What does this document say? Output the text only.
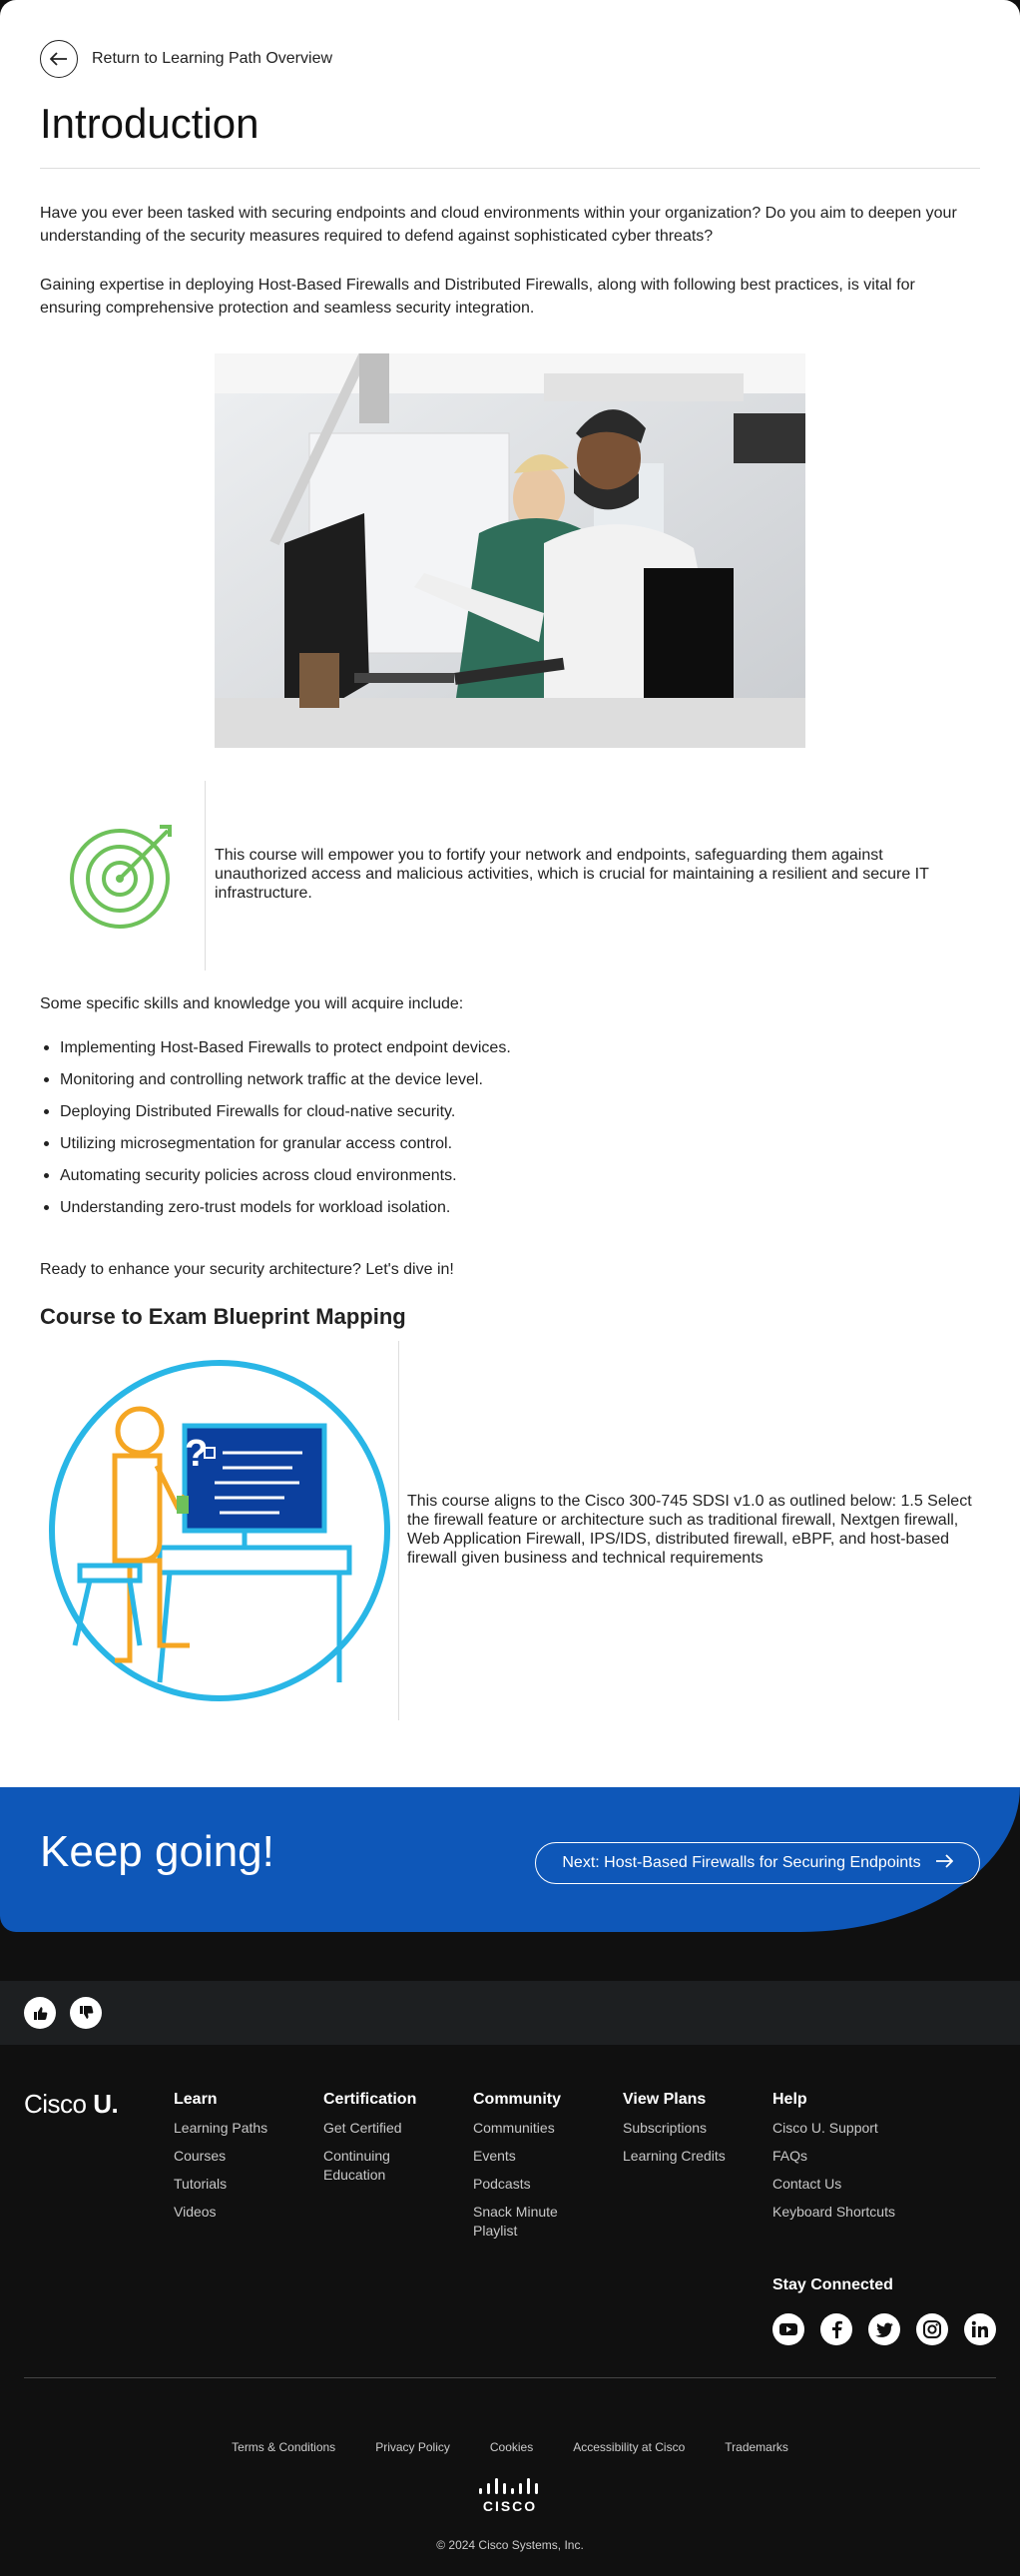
Return to Learning Path Overview
Introduction

Have you ever been tasked with securing endpoints and cloud environments within your organization? Do you aim to deepen your understanding of the security measures required to defend against sophisticated cyber threats?

Gaining expertise in deploying Host-Based Firewalls and Distributed Firewalls, along with following best practices, is vital for ensuring comprehensive protection and seamless security integration.

This course will empower you to fortify your network and endpoints, safeguarding them against unauthorized access and malicious activities, which is crucial for maintaining a resilient and secure IT infrastructure.

Some specific skills and knowledge you will acquire include:

Implementing Host-Based Firewalls to protect endpoint devices.
Monitoring and controlling network traffic at the device level.
Deploying Distributed Firewalls for cloud-native security.
Utilizing microsegmentation for granular access control.
Automating security policies across cloud environments.
Understanding zero-trust models for workload isolation.

Ready to enhance your security architecture? Let's dive in!

Course to Exam Blueprint Mapping
?

This course aligns to the Cisco 300-745 SDSI v1.0 as outlined below: 1.5 Select the firewall feature or architecture such as traditional firewall, Nextgen firewall, Web Application Firewall, IPS/IDS, distributed firewall, eBPF, and host-based firewall given business and technical requirements

Keep going!	Next: Host-Based Firewalls for Securing Endpoints
Cisco U.	Learn
Learning Paths
Courses
Tutorials
Videos
Certification
Get Certified
Continuing Education
Community
Communities
Events
Podcasts
Snack Minute Playlist
View Plans
Subscriptions
Learning Credits
Help
Cisco U. Support
FAQs
Contact Us
Keyboard Shortcuts
Stay Connected
Terms & Conditions	Privacy Policy	Cookies	Accessibility at Cisco	Trademarks
CISCO
© 2024 Cisco Systems, Inc.
